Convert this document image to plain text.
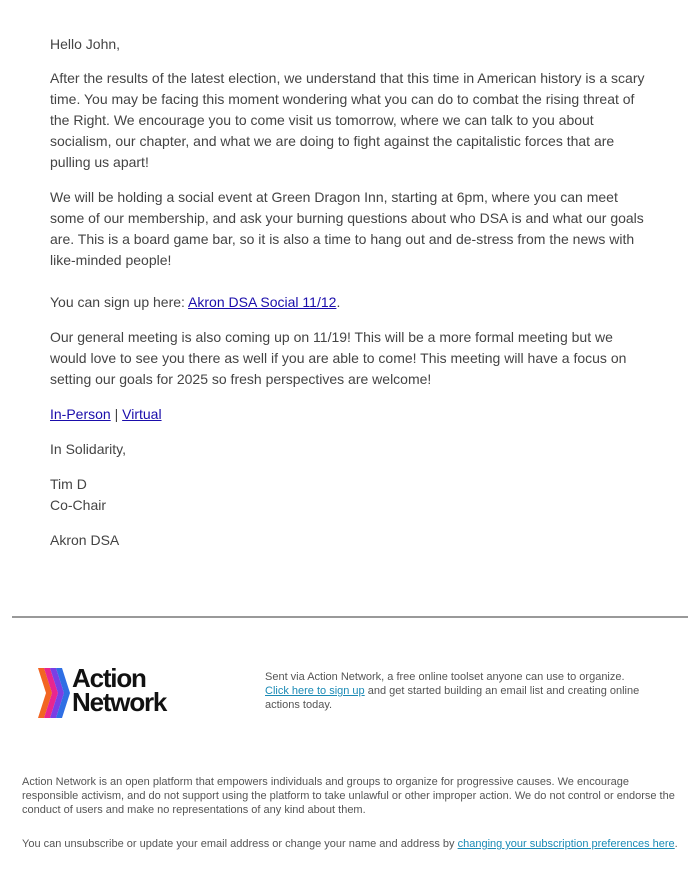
Hello John,

After the results of the latest election, we understand that this time in American history is a scary time. You may be facing this moment wondering what you can do to combat the rising threat of the Right. We encourage you to come visit us tomorrow, where we can talk to you about socialism, our chapter, and what we are doing to fight against the capitalistic forces that are pulling us apart!

We will be holding a social event at Green Dragon Inn, starting at 6pm, where you can meet some of our membership, and ask your burning questions about who DSA is and what our goals are. This is a board game bar, so it is also a time to hang out and de-stress from the news with like-minded people!

You can sign up here: Akron DSA Social 11/12.

Our general meeting is also coming up on 11/19! This will be a more formal meeting but we would love to see you there as well if you are able to come! This meeting will have a focus on setting our goals for 2025 so fresh perspectives are welcome!

In-Person | Virtual

In Solidarity,

Tim D
Co-Chair

Akron DSA

Action
Network
Sent via Action Network, a free online toolset anyone can use to organize.
Click here to sign up and get started building an email list and creating online actions today.
Action Network is an open platform that empowers individuals and groups to organize for progressive causes. We encourage responsible activism, and do not support using the platform to take unlawful or other improper action. We do not control or endorse the conduct of users and make no representations of any kind about them.
You can unsubscribe or update your email address or change your name and address by changing your subscription preferences here.
